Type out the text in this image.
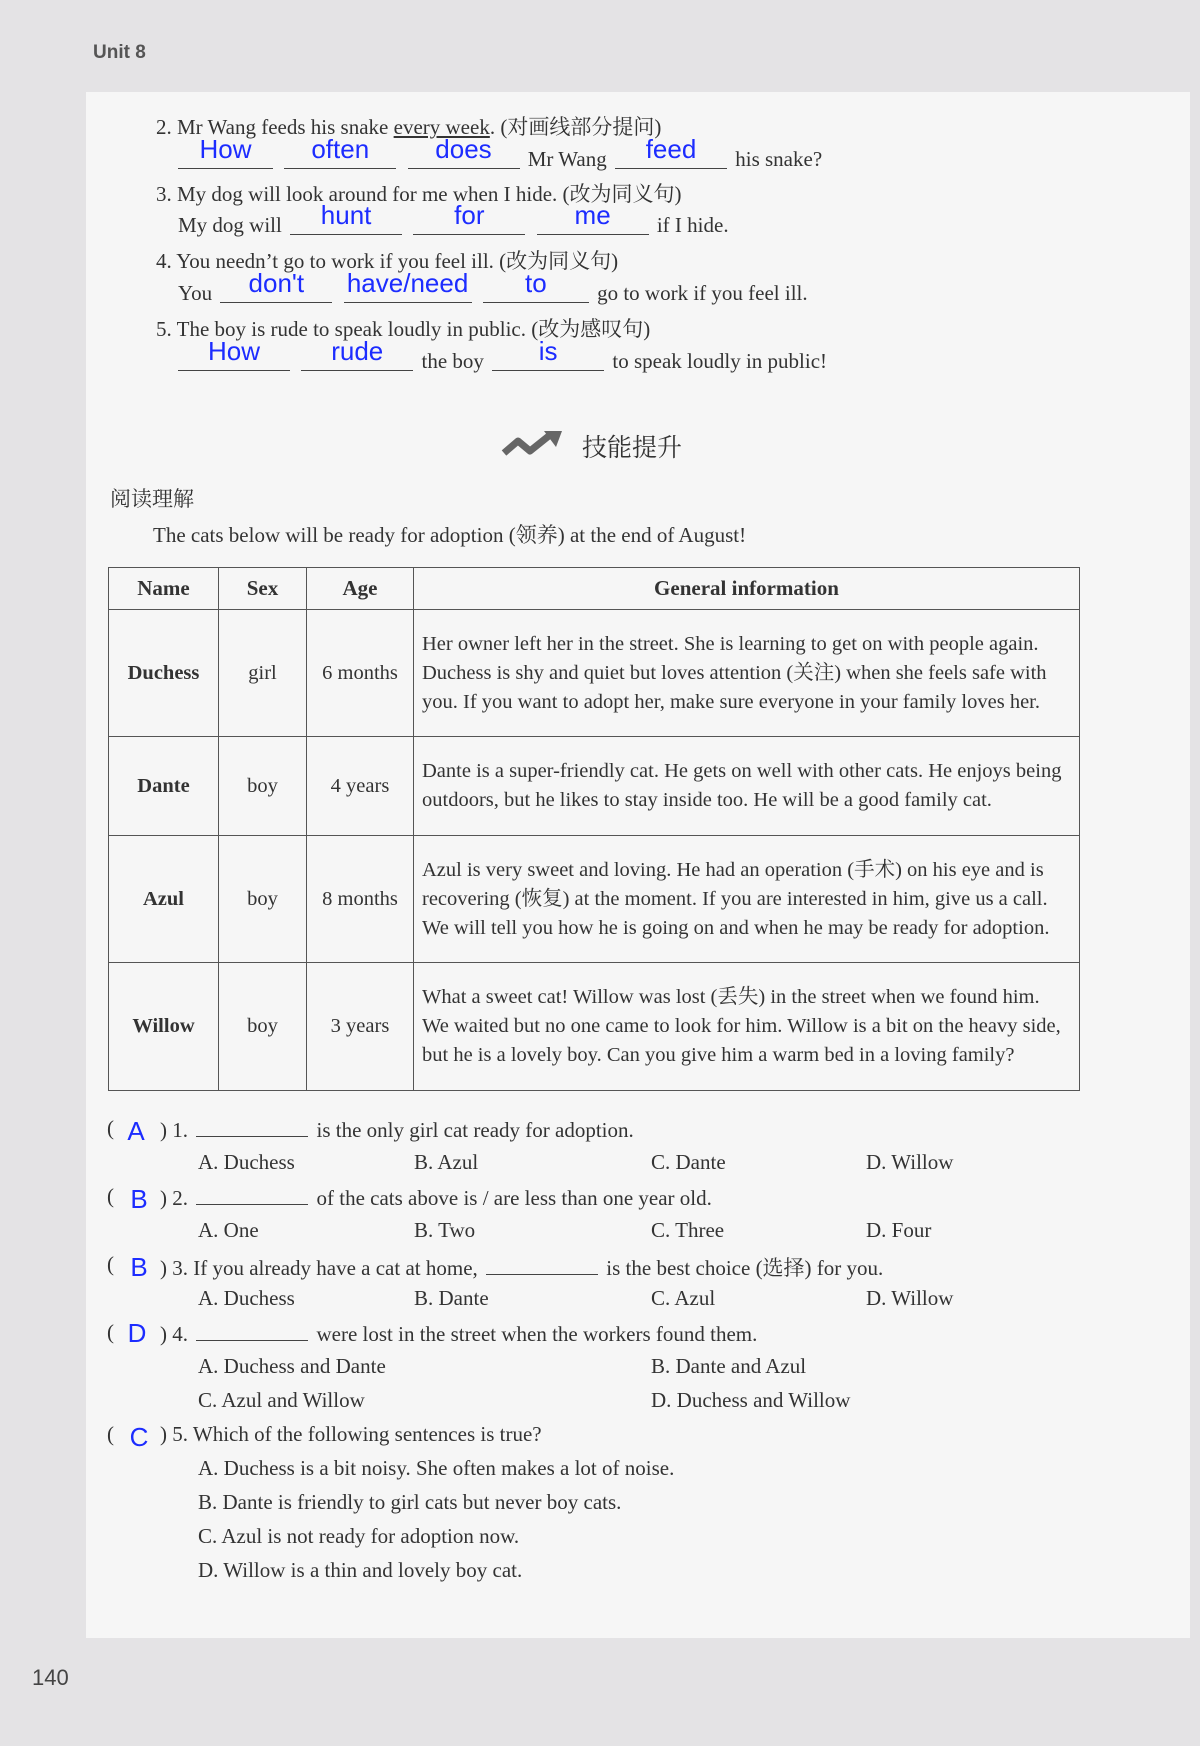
Unit 8
2. Mr Wang feeds his snake every week. (对画线部分提问)
How often	does Mr Wang feed his snake?
3. My dog will look around for me when I hide. (改为同义句)
My dog will hunt	for	me if I hide.
4. You needn’t go to work if you feel ill. (改为同义句)
You don't have/need to go to work if you feel ill.
5. The boy is rude to speak loudly in public. (改为感叹句)
How	rude the boy is	to speak loudly in public!
技能提升
阅读理解
The cats below will be ready for adoption (领养) at the end of August!
Name	Sex	Age	General information
Duchess	girl	6 months	Her owner left her in the street. She is learning to get on with people again. Duchess is shy and quiet but loves attention (关注) when she feels safe with you. If you want to adopt her, make sure everyone in your family loves her.
Dante	boy	4 years	Dante is a super-friendly cat. He gets on well with other cats. He enjoys being outdoors, but he likes to stay inside too. He will be a good family cat.
Azul	boy	8 months	Azul is very sweet and loving. He had an operation (手术) on his eye and is recovering (恢复) at the moment. If you are interested in him, give us a call. We will tell you how he is going on and when he may be ready for adoption.
Willow	boy	3 years	What a sweet cat! Willow was lost (丢失) in the street when we found him. We waited but no one came to look for him. Willow is a bit on the heavy side, but he is a lovely boy. Can you give him a warm bed in a loving family?
( A ) 1.	is the only girl cat ready for adoption.
A. Duchess	B. Azul	C. Dante	D. Willow
( B ) 2.	of the cats above is / are less than one year old.
A. One	B. Two	C. Three	D. Four
( B ) 3. If you already have a cat at home,	is the best choice (选择) for you.
A. Duchess	B. Dante	C. Azul	D. Willow
( D ) 4.	were lost in the street when the workers found them.
A. Duchess and Dante	B. Dante and Azul
C. Azul and Willow	D. Duchess and Willow
( C ) 5. Which of the following sentences is true?
A. Duchess is a bit noisy. She often makes a lot of noise.
B. Dante is friendly to girl cats but never boy cats.
C. Azul is not ready for adoption now.
D. Willow is a thin and lovely boy cat.
140
